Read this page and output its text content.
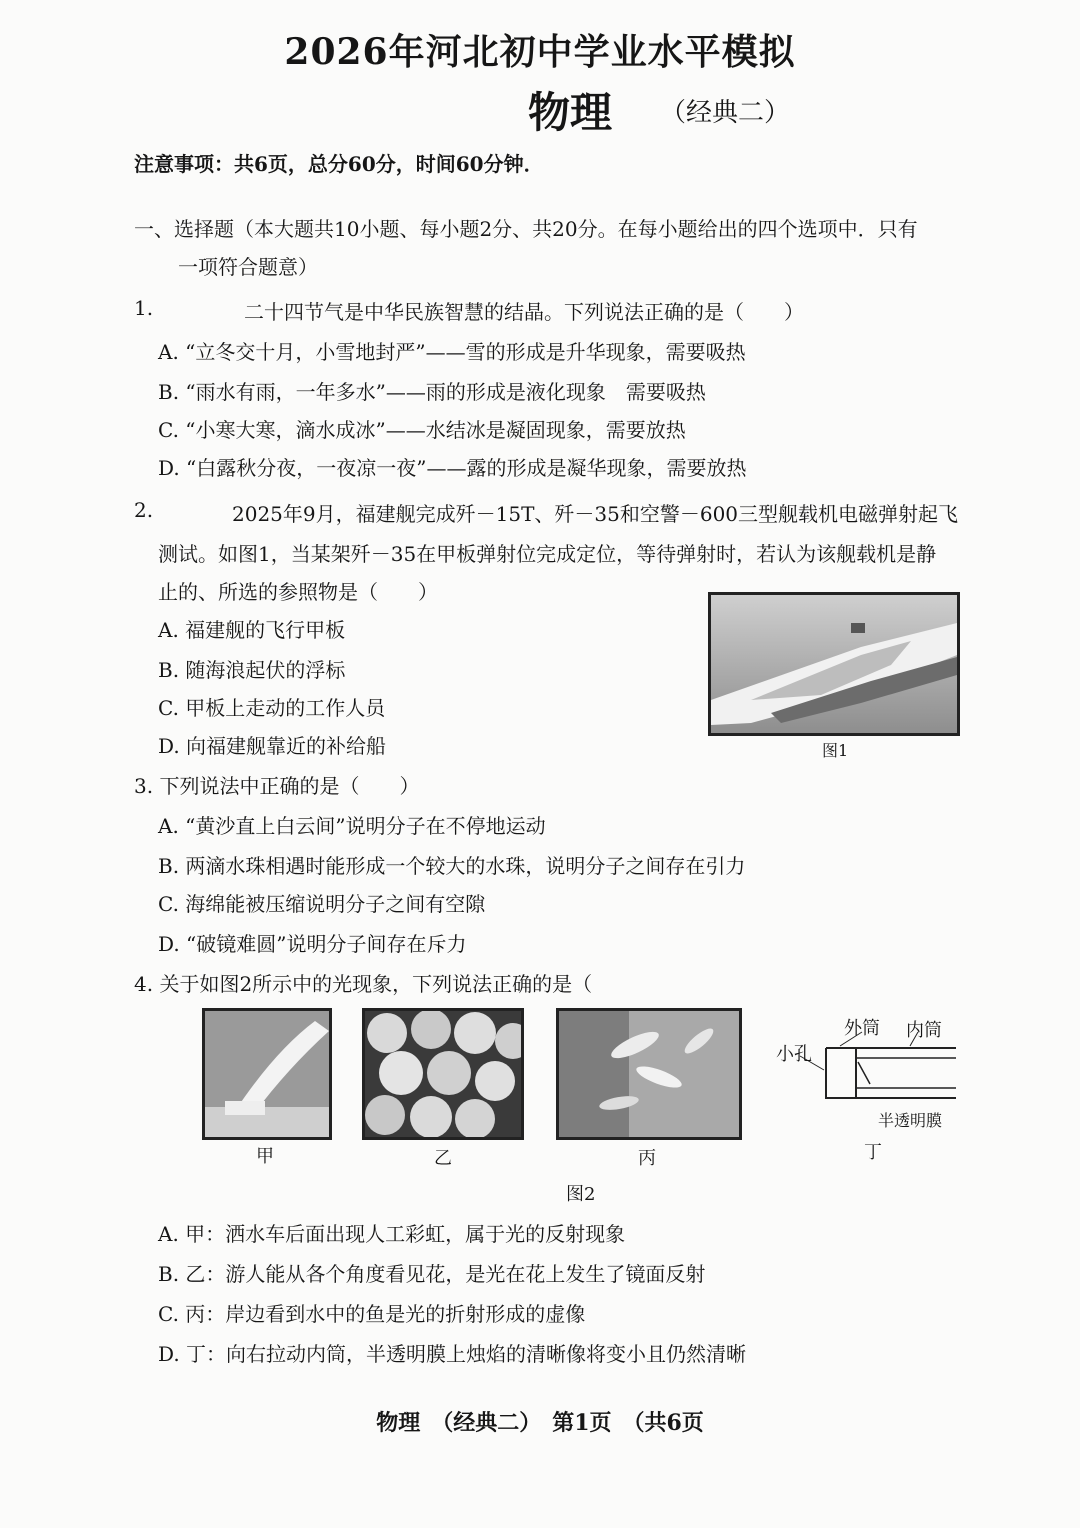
2026年河北初中学业水平模拟
物理 （经典二）
注意事项：共6页，总分60分，时间60分钟．
一、选择题（本大题共10小题、每小题2分、共20分。在每小题给出的四个选项中．只有
一项符合题意）
1.	二十四节气是中华民族智慧的结晶。下列说法正确的是（　　）
A. “立冬交十月，小雪地封严”——雪的形成是升华现象，需要吸热
B. “雨水有雨，一年多水”——雨的形成是液化现象　需要吸热
C. “小寒大寒，滴水成冰”——水结冰是凝固现象，需要放热
D. “白露秋分夜，一夜凉一夜”——露的形成是凝华现象，需要放热
2.	2025年9月，福建舰完成歼－15T、歼－35和空警－600三型舰载机电磁弹射起飞
测试。如图1，当某架歼－35在甲板弹射位完成定位，等待弹射时，若认为该舰载机是静
止的、所选的参照物是（　　）
A. 福建舰的飞行甲板
B. 随海浪起伏的浮标
C. 甲板上走动的工作人员
D. 向福建舰靠近的补给船	图1
3. 下列说法中正确的是（　　）
A. “黄沙直上白云间”说明分子在不停地运动
B. 两滴水珠相遇时能形成一个较大的水珠，说明分子之间存在引力
C. 海绵能被压缩说明分子之间有空隙
D. “破镜难圆”说明分子间存在斥力
4. 关于如图2所示中的光现象，下列说法正确的是（
小孔
外筒 内筒
半透明膜
甲	乙	丙	丁
图2
A. 甲：洒水车后面出现人工彩虹，属于光的反射现象
B. 乙：游人能从各个角度看见花，是光在花上发生了镜面反射
C. 丙：岸边看到水中的鱼是光的折射形成的虚像
D. 丁：向右拉动内筒，半透明膜上烛焰的清晰像将变小且仍然清晰
物理　（经典二）　第1页　（共6页
